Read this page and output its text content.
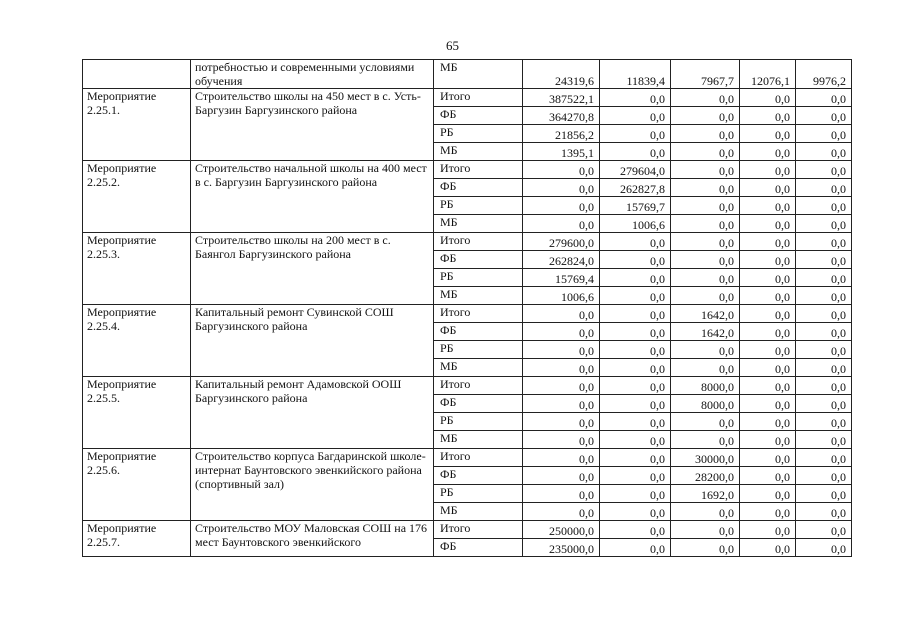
65
	потребностью и современными условиями обучения	МБ	24319,6	11839,4	7967,7	12076,1	9976,2
Мероприятие 2.25.1.	Строительство школы на 450 мест в с. Усть-Баргузин Баргузинского района	Итого	387522,1	0,0	0,0	0,0	0,0
		ФБ	364270,8	0,0	0,0	0,0	0,0
		РБ	21856,2	0,0	0,0	0,0	0,0
		МБ	1395,1	0,0	0,0	0,0	0,0
Мероприятие 2.25.2.	Строительство начальной школы на 400 мест в с. Баргузин Баргузинского района	Итого	0,0	279604,0	0,0	0,0	0,0
		ФБ	0,0	262827,8	0,0	0,0	0,0
		РБ	0,0	15769,7	0,0	0,0	0,0
		МБ	0,0	1006,6	0,0	0,0	0,0
Мероприятие 2.25.3.	Строительство школы на 200 мест в с. Баянгол Баргузинского района	Итого	279600,0	0,0	0,0	0,0	0,0
		ФБ	262824,0	0,0	0,0	0,0	0,0
		РБ	15769,4	0,0	0,0	0,0	0,0
		МБ	1006,6	0,0	0,0	0,0	0,0
Мероприятие 2.25.4.	Капитальный ремонт Сувинской СОШ Баргузинского района	Итого	0,0	0,0	1642,0	0,0	0,0
		ФБ	0,0	0,0	1642,0	0,0	0,0
		РБ	0,0	0,0	0,0	0,0	0,0
		МБ	0,0	0,0	0,0	0,0	0,0
Мероприятие 2.25.5.	Капитальный ремонт Адамовской ООШ Баргузинского района	Итого	0,0	0,0	8000,0	0,0	0,0
		ФБ	0,0	0,0	8000,0	0,0	0,0
		РБ	0,0	0,0	0,0	0,0	0,0
		МБ	0,0	0,0	0,0	0,0	0,0
Мероприятие 2.25.6.	Строительство корпуса Багдаринской школе-интернат Баунтовского эвенкийского района (спортивный зал)	Итого	0,0	0,0	30000,0	0,0	0,0
		ФБ	0,0	0,0	28200,0	0,0	0,0
		РБ	0,0	0,0	1692,0	0,0	0,0
		МБ	0,0	0,0	0,0	0,0	0,0
Мероприятие 2.25.7.	Строительство МОУ Маловская СОШ на 176 мест Баунтовского эвенкийского	Итого	250000,0	0,0	0,0	0,0	0,0
		ФБ	235000,0	0,0	0,0	0,0	0,0
